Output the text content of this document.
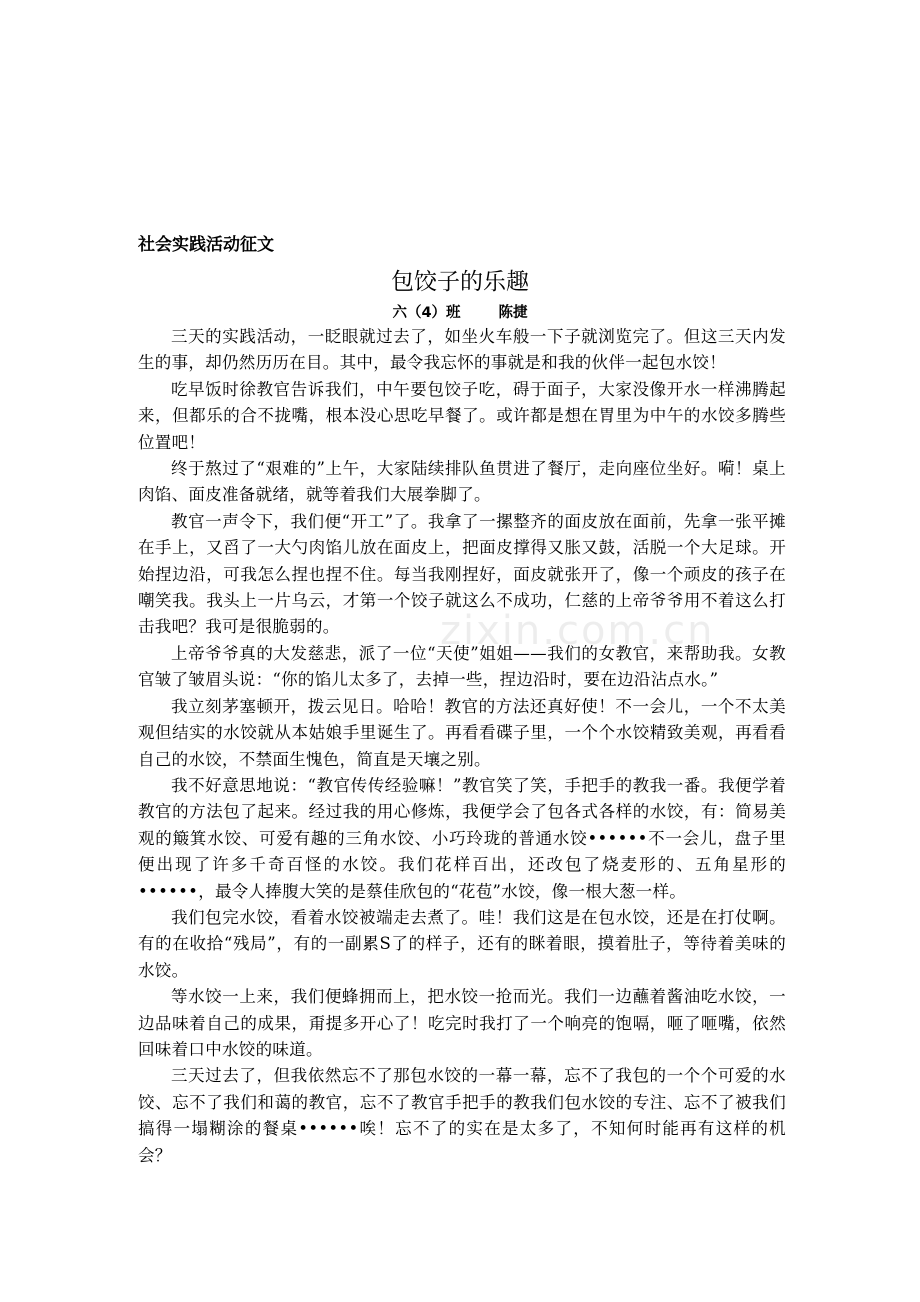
社会实践活动征文

包饺子的乐趣

六（4）班	陈捷

三天的实践活动，一眨眼就过去了，如坐火车般一下子就浏览完了。但这三天内发生的事，却仍然历历在目。其中，最令我忘怀的事就是和我的伙伴一起包水饺！

吃早饭时徐教官告诉我们，中午要包饺子吃，碍于面子，大家没像开水一样沸腾起来，但都乐的合不拢嘴，根本没心思吃早餐了。或许都是想在胃里为中午的水饺多腾些位置吧！

终于熬过了“艰难的”上午，大家陆续排队鱼贯进了餐厅，走向座位坐好。嗬！桌上肉馅、面皮准备就绪，就等着我们大展拳脚了。

教官一声令下，我们便“开工”了。我拿了一摞整齐的面皮放在面前，先拿一张平摊在手上，又舀了一大勺肉馅儿放在面皮上，把面皮撑得又胀又鼓，活脱一个大足球。开始捏边沿，可我怎么捏也捏不住。每当我刚捏好，面皮就张开了，像一个顽皮的孩子在嘲笑我。我头上一片乌云，才第一个饺子就这么不成功，仁慈的上帝爷爷用不着这么打击我吧？我可是很脆弱的。

上帝爷爷真的大发慈悲，派了一位“天使”姐姐——我们的女教官，来帮助我。女教官皱了皱眉头说：“你的馅儿太多了，去掉一些，捏边沿时，要在边沿沾点水。”

我立刻茅塞顿开，拨云见日。哈哈！教官的方法还真好使！不一会儿，一个不太美观但结实的水饺就从本姑娘手里诞生了。再看看碟子里，一个个水饺精致美观，再看看自己的水饺，不禁面生愧色，简直是天壤之别。

我不好意思地说：“教官传传经验嘛！”教官笑了笑，手把手的教我一番。我便学着教官的方法包了起来。经过我的用心修炼，我便学会了包各式各样的水饺，有：简易美观的簸箕水饺、可爱有趣的三角水饺、小巧玲珑的普通水饺••••••不一会儿，盘子里便出现了许多千奇百怪的水饺。我们花样百出，还改包了烧麦形的、五角星形的••••••，最令人捧腹大笑的是蔡佳欣包的“花苞”水饺，像一根大葱一样。

我们包完水饺，看着水饺被端走去煮了。哇！我们这是在包水饺，还是在打仗啊。有的在收拾“残局”，有的一副累S了的样子，还有的眯着眼，摸着肚子，等待着美味的水饺。

等水饺一上来，我们便蜂拥而上，把水饺一抢而光。我们一边蘸着酱油吃水饺，一边品味着自己的成果，甭提多开心了！吃完时我打了一个响亮的饱嗝，咂了咂嘴，依然回味着口中水饺的味道。

三天过去了，但我依然忘不了那包水饺的一幕一幕，忘不了我包的一个个可爱的水饺、忘不了我们和蔼的教官，忘不了教官手把手的教我们包水饺的专注、忘不了被我们搞得一塌糊涂的餐桌••••••唉！忘不了的实在是太多了，不知何时能再有这样的机会？

zixin.com.cn
